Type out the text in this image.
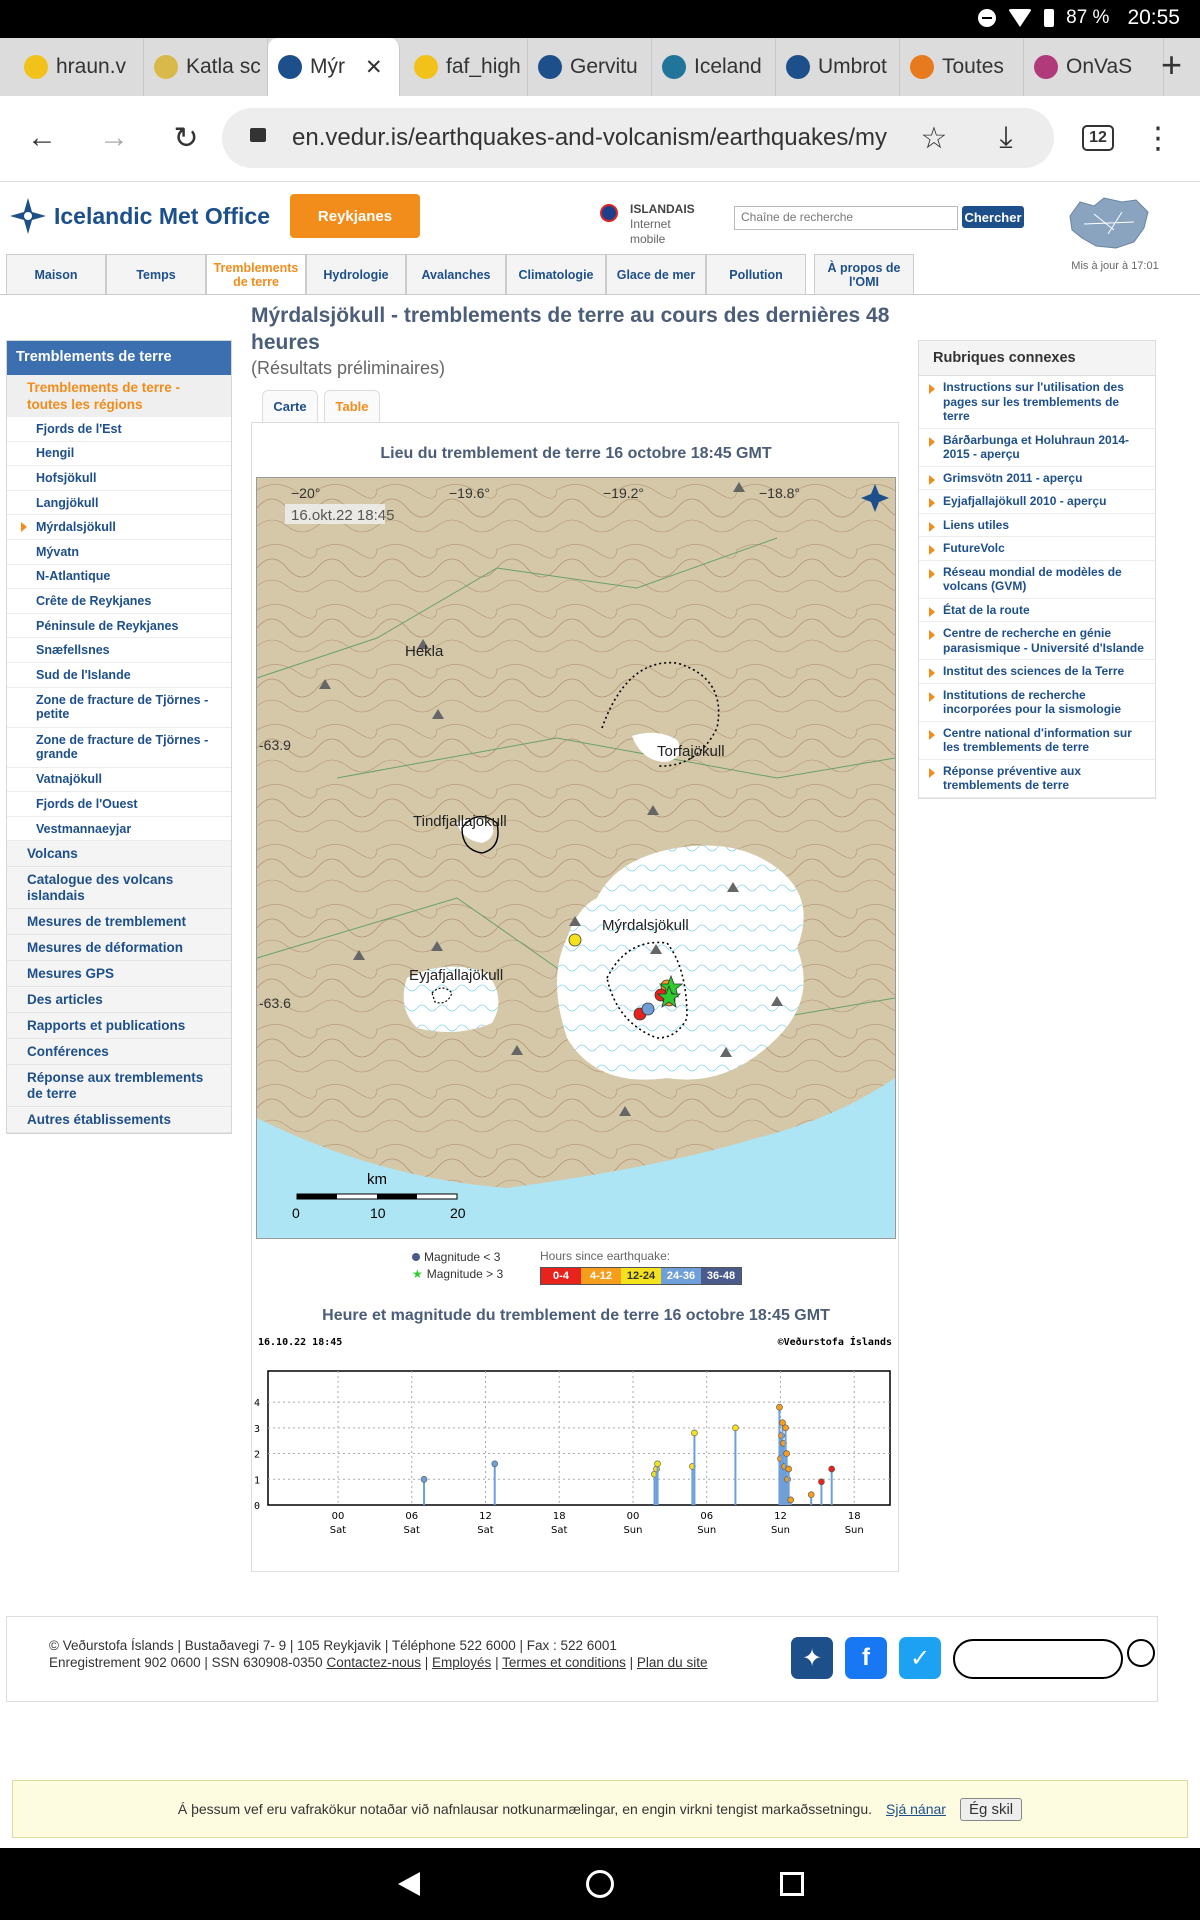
87 % 20:55
hraun.v	Katla sc Mýr ✕	faf_high Gervitu	Iceland	Umbrot	Toutes	OnVaS +
←	→	↻	en.vedur.is/earthquakes-and-volcanism/earthquakes/my	☆	⤓	12	⋮
Icelandic Met Office	Reykjanes	ISLANDAIS
Internet
mobile
Chaîne de recherche	Chercher
Mis à jour à 17:01
Maison	Temps	Tremblements de terre	Hydrologie	Avalanches	Climatologie	Glace de mer	Pollution	À propos de l'OMI
Tremblements de terre
Tremblements de terre - toutes les régions
Fjords de l'Est
Hengil
Hofsjökull
Langjökull
Mýrdalsjökull
Mývatn
N-Atlantique
Crête de Reykjanes
Péninsule de Reykjanes
Snæfellsnes
Sud de l'Islande
Zone de fracture de Tjörnes - petite
Zone de fracture de Tjörnes - grande
Vatnajökull
Fjords de l'Ouest
Vestmannaeyjar
Volcans
Catalogue des volcans islandais
Mesures de tremblement
Mesures de déformation
Mesures GPS
Des articles
Rapports et publications
Conférences
Réponse aux tremblements de terre
Autres établissements
Mýrdalsjökull - tremblements de terre au cours des dernières 48 heures
(Résultats préliminaires)
Carte	Table
Lieu du tremblement de terre 16 octobre 18:45 GMT
16.okt.22 18:45
−20°	−19.6°	−19.2°	−18.8°
-63.9
-63.6
Hekla
Torfajökull
Tindfjallajökull
Mýrdalsjökull
Eyjafjallajökull
km
0	10	20
Magnitude < 3
★ Magnitude > 3
Hours since earthquake:
0-4	4-12	12-24	24-36	36-48
Heure et magnitude du tremblement de terre 16 octobre 18:45 GMT
0
1
2
3
4
00
Sat
06
Sat
12
Sat
18
Sat
00
Sun
06
Sun
12
Sun
18
Sun
16.10.22 18:45	©Veðurstofa Íslands
Rubriques connexes
Instructions sur l'utilisation des pages sur les tremblements de terre
Bárðarbunga et Holuhraun 2014-2015 - aperçu
Grimsvötn 2011 - aperçu
Eyjafjallajökull 2010 - aperçu
Liens utiles
FutureVolc
Réseau mondial de modèles de volcans (GVM)
État de la route
Centre de recherche en génie parasismique - Université d'Islande
Institut des sciences de la Terre
Institutions de recherche incorporées pour la sismologie
Centre national d'information sur les tremblements de terre
Réponse préventive aux tremblements de terre
© Veðurstofa Íslands | Bustaðavegi 7- 9 | 105 Reykjavik | Téléphone 522 6000 | Fax : 522 6001
Enregistrement 902 0600 | SSN 630908-0350 Contactez-nous | Employés | Termes et conditions | Plan du site	✦	f	✓
Á þessum vef eru vafrakökur notaðar við nafnlausar notkunarmælingar, en engin virkni tengist markaðssetningu. Sjá nánar	Ég skil
